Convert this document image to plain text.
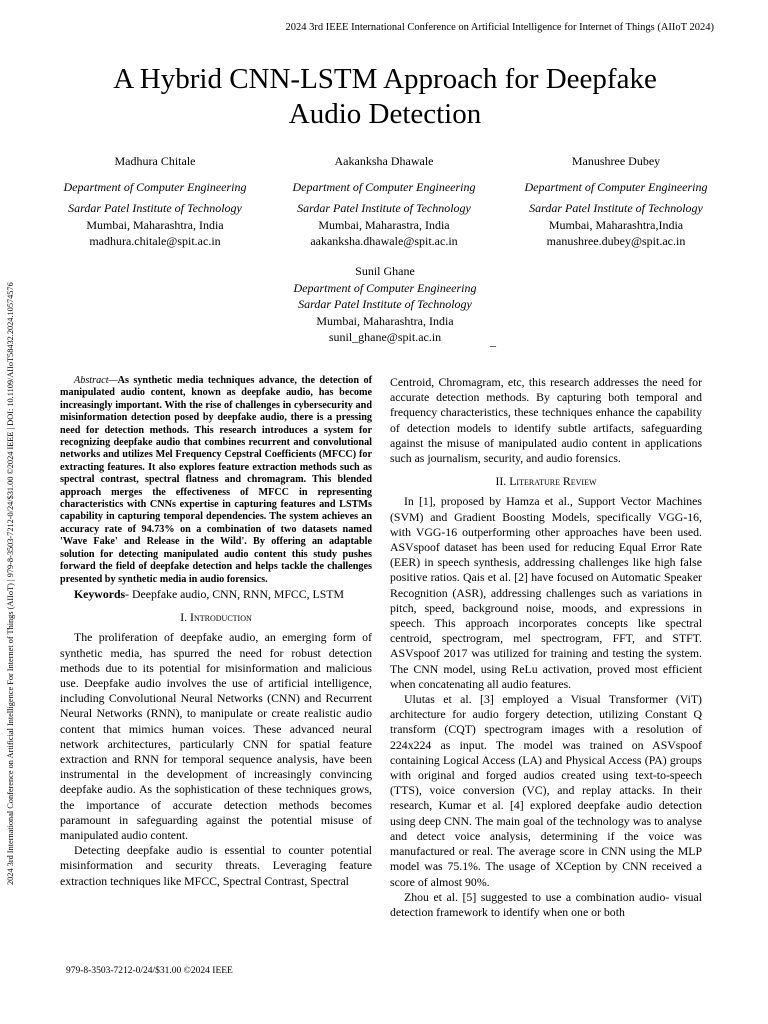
2024 3rd IEEE International Conference on Artificial Intelligence for Internet of Things (AIIoT 2024)
2024 3rd International Conference on Artificial Intelligence For Internet of Things (AIIoT) | 979-8-3503-7212-0/24/$31.00 ©2024 IEEE | DOI: 10.1109/AIIoT58432.2024.10574576
A Hybrid CNN-LSTM Approach for Deepfake
Audio Detection
Madhura Chitale
Department of Computer Engineering
Sardar Patel Institute of Technology
Mumbai, Maharashtra, India
madhura.chitale@spit.ac.in
Aakanksha Dhawale
Department of Computer Engineering
Sardar Patel Institute of Technology
Mumbai, Maharastra, India
aakanksha.dhawale@spit.ac.in
Manushree Dubey
Department of Computer Engineering
Sardar Patel Institute of Technology
Mumbai, Maharashtra,India
manushree.dubey@spit.ac.in
Sunil Ghane
Department of Computer Engineering
Sardar Patel Institute of Technology
Mumbai, Maharashtra, India
sunil_ghane@spit.ac.in	_
Abstract—As synthetic media techniques advance, the detection of manipulated audio content, known as deepfake audio, has become increasingly important. With the rise of challenges in cybersecurity and misinformation detection posed by deepfake audio, there is a pressing need for detection methods. This research introduces a system for recognizing deepfake audio that combines recurrent and convolutional networks and utilizes Mel Frequency Cepstral Coefficients (MFCC) for extracting features. It also explores feature extraction methods such as spectral contrast, spectral flatness and chromagram. This blended approach merges the effectiveness of MFCC in representing characteristics with CNNs expertise in capturing features and LSTMs capability in capturing temporal dependencies. The system achieves an accuracy rate of 94.73% on a combination of two datasets named 'Wave Fake' and Release in the Wild'. By offering an adaptable solution for detecting manipulated audio content this study pushes forward the field of deepfake detection and helps tackle the challenges presented by synthetic media in audio forensics.
Keywords- Deepfake audio, CNN, RNN, MFCC, LSTM
I. Introduction

The proliferation of deepfake audio, an emerging form of synthetic media, has spurred the need for robust detection methods due to its potential for misinformation and malicious use. Deepfake audio involves the use of artificial intelligence, including Convolutional Neural Networks (CNN) and Recurrent Neural Networks (RNN), to manipulate or create realistic audio content that mimics human voices. These advanced neural network architectures, particularly CNN for spatial feature extraction and RNN for temporal sequence analysis, have been instrumental in the development of increasingly convincing deepfake audio. As the sophistication of these techniques grows, the importance of accurate detection methods becomes paramount in safeguarding against the potential misuse of manipulated audio content.

Detecting deepfake audio is essential to counter potential misinformation and security threats. Leveraging feature extraction techniques like MFCC, Spectral Contrast, Spectral

Centroid, Chromagram, etc, this research addresses the need for accurate detection methods. By capturing both temporal and frequency characteristics, these techniques enhance the capability of detection models to identify subtle artifacts, safeguarding against the misuse of manipulated audio content in applications such as journalism, security, and audio forensics.

II. Literature Review

In [1], proposed by Hamza et al., Support Vector Machines (SVM) and Gradient Boosting Models, specifically VGG-16, with VGG-16 outperforming other approaches have been used. ASVspoof dataset has been used for reducing Equal Error Rate (EER) in speech synthesis, addressing challenges like high false positive ratios. Qais et al. [2] have focused on Automatic Speaker Recognition (ASR), addressing challenges such as variations in pitch, speed, background noise, moods, and expressions in speech. This approach incorporates concepts like spectral centroid, spectrogram, mel spectrogram, FFT, and STFT. ASVspoof 2017 was utilized for training and testing the system. The CNN model, using ReLu activation, proved most efficient when concatenating all audio features.

Ulutas et al. [3] employed a Visual Transformer (ViT) architecture for audio forgery detection, utilizing Constant Q transform (CQT) spectrogram images with a resolution of 224x224 as input. The model was trained on ASVspoof containing Logical Access (LA) and Physical Access (PA) groups with original and forged audios created using text-to-speech (TTS), voice conversion (VC), and replay attacks. In their research, Kumar et al. [4] explored deepfake audio detection using deep CNN. The main goal of the technology was to analyse and detect voice analysis, determining if the voice was manufactured or real. The average score in CNN using the MLP model was 75.1%. The usage of XCeption by CNN received a score of almost 90%.

Zhou et al. [5] suggested to use a combination audio- visual detection framework to identify when one or both

979-8-3503-7212-0/24/$31.00 ©2024 IEEE
